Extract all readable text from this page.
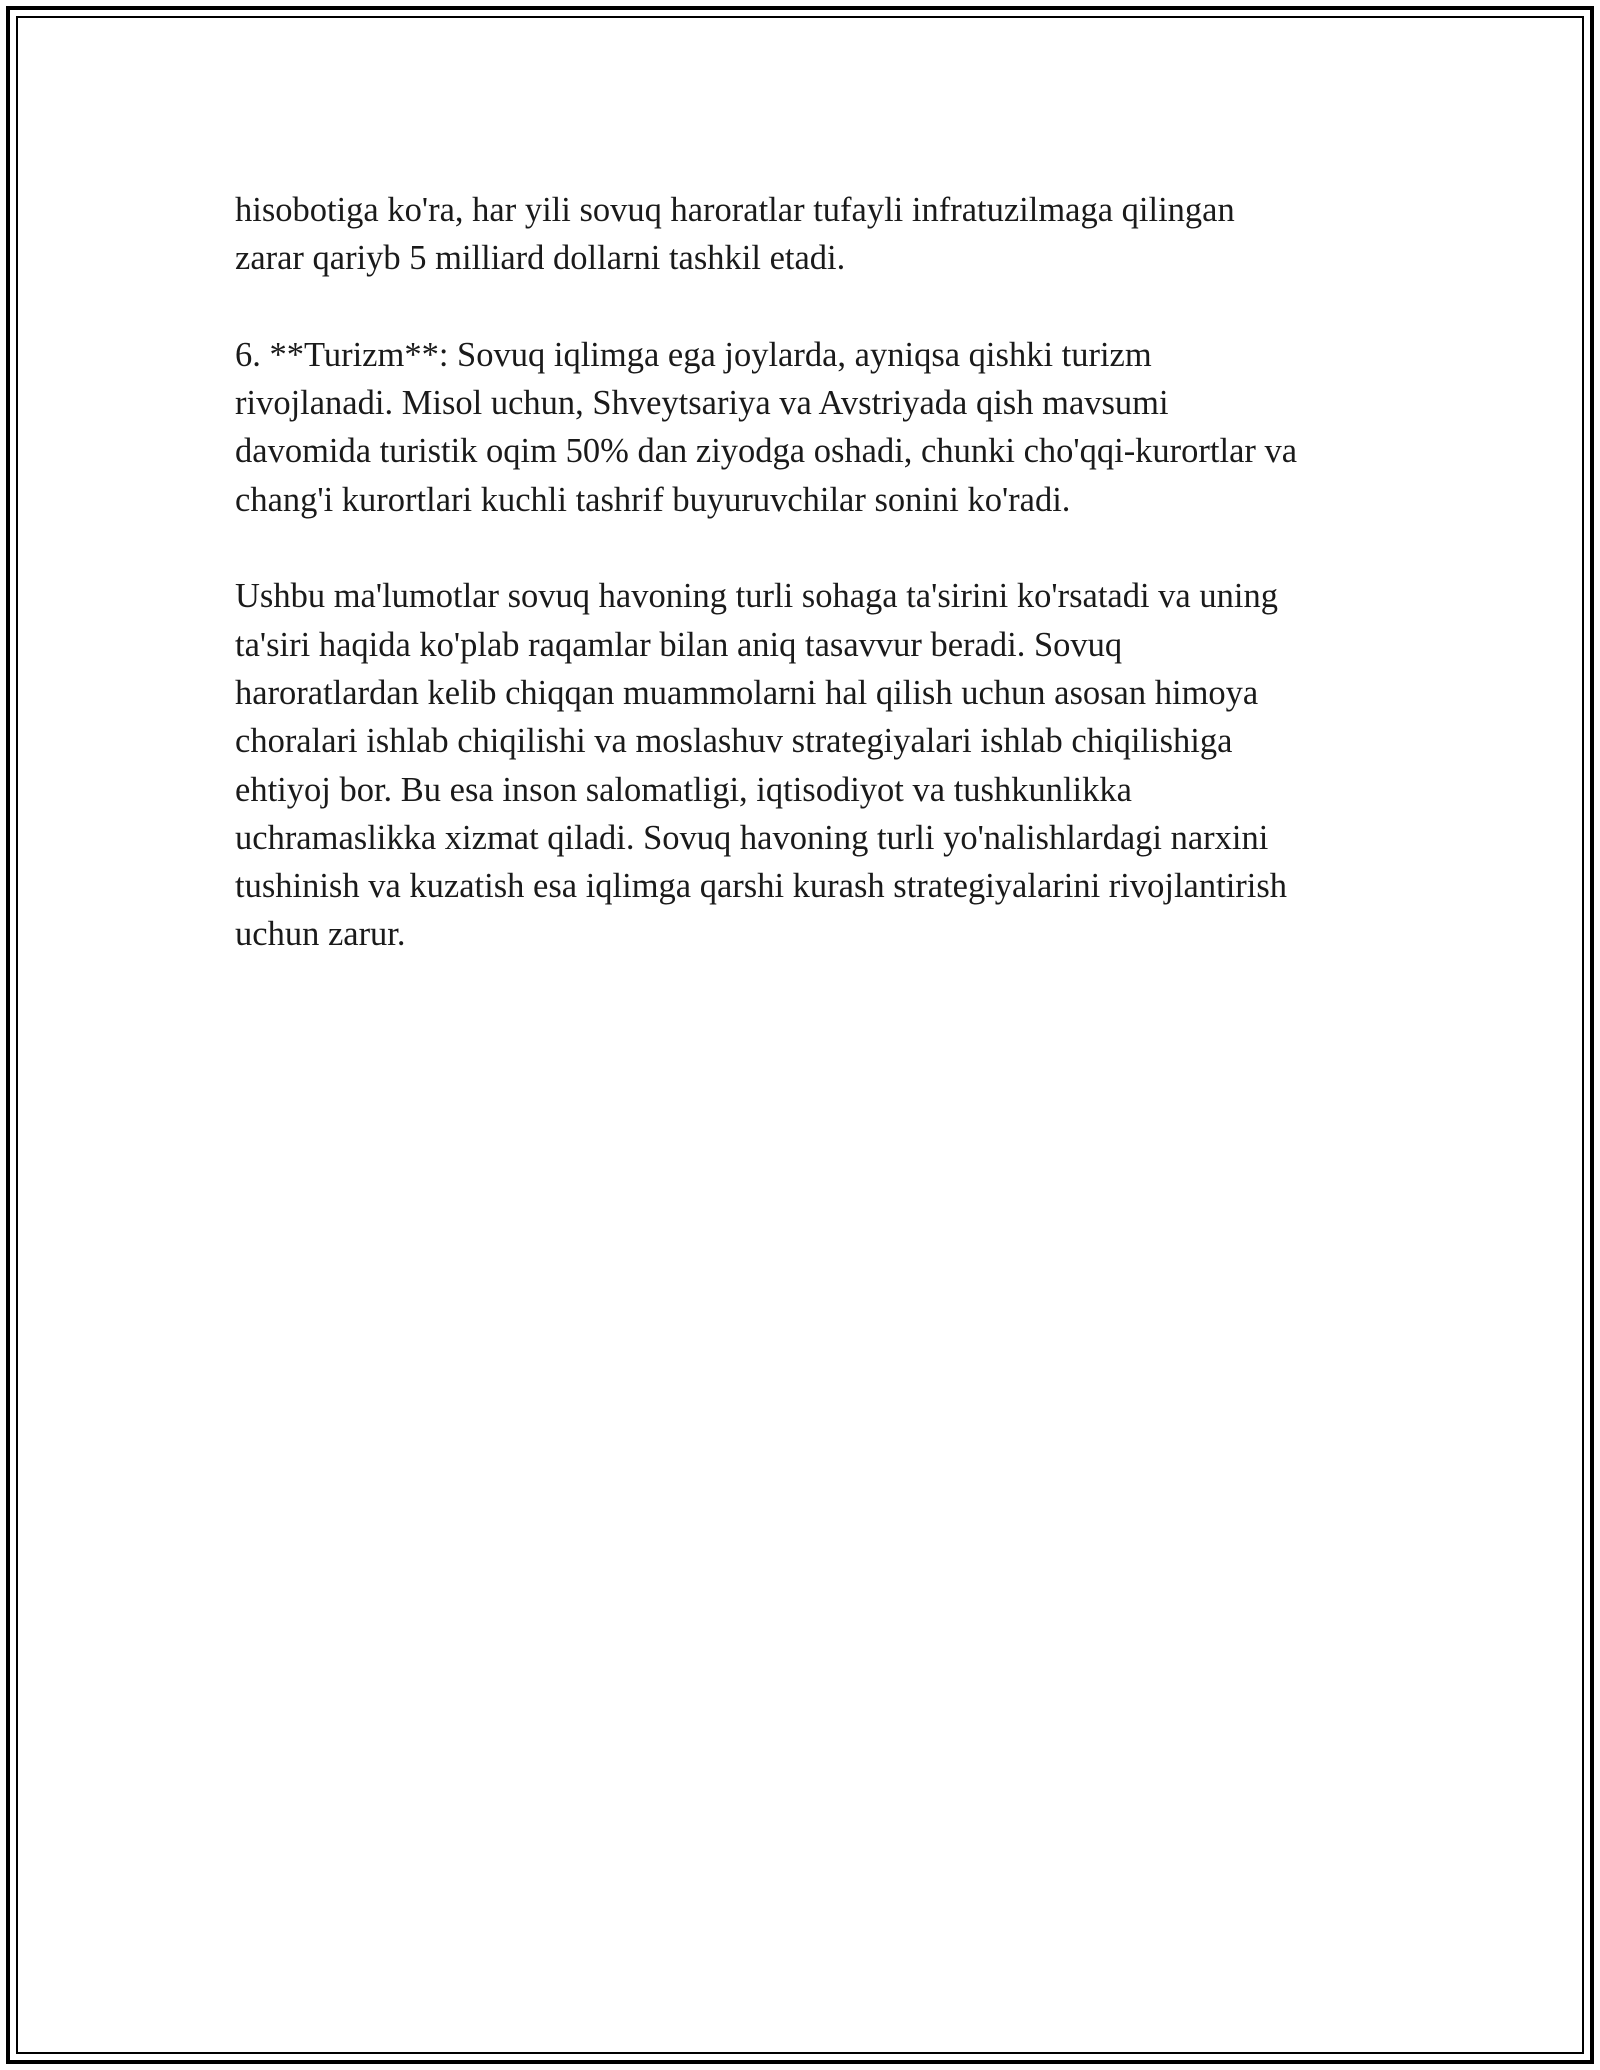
hisobotiga ko'ra, har yili sovuq haroratlar tufayli infratuzilmaga qilingan
zarar qariyb 5 milliard dollarni tashkil etadi.

6. **Turizm**: Sovuq iqlimga ega joylarda, ayniqsa qishki turizm
rivojlanadi. Misol uchun, Shveytsariya va Avstriyada qish mavsumi
davomida turistik oqim 50% dan ziyodga oshadi, chunki cho'qqi-kurortlar va
chang'i kurortlari kuchli tashrif buyuruvchilar sonini ko'radi.

Ushbu ma'lumotlar sovuq havoning turli sohaga ta'sirini ko'rsatadi va uning
ta'siri haqida ko'plab raqamlar bilan aniq tasavvur beradi. Sovuq
haroratlardan kelib chiqqan muammolarni hal qilish uchun asosan himoya
choralari ishlab chiqilishi va moslashuv strategiyalari ishlab chiqilishiga
ehtiyoj bor. Bu esa inson salomatligi, iqtisodiyot va tushkunlikka
uchramaslikka xizmat qiladi. Sovuq havoning turli yo'nalishlardagi narxini
tushinish va kuzatish esa iqlimga qarshi kurash strategiyalarini rivojlantirish
uchun zarur.
